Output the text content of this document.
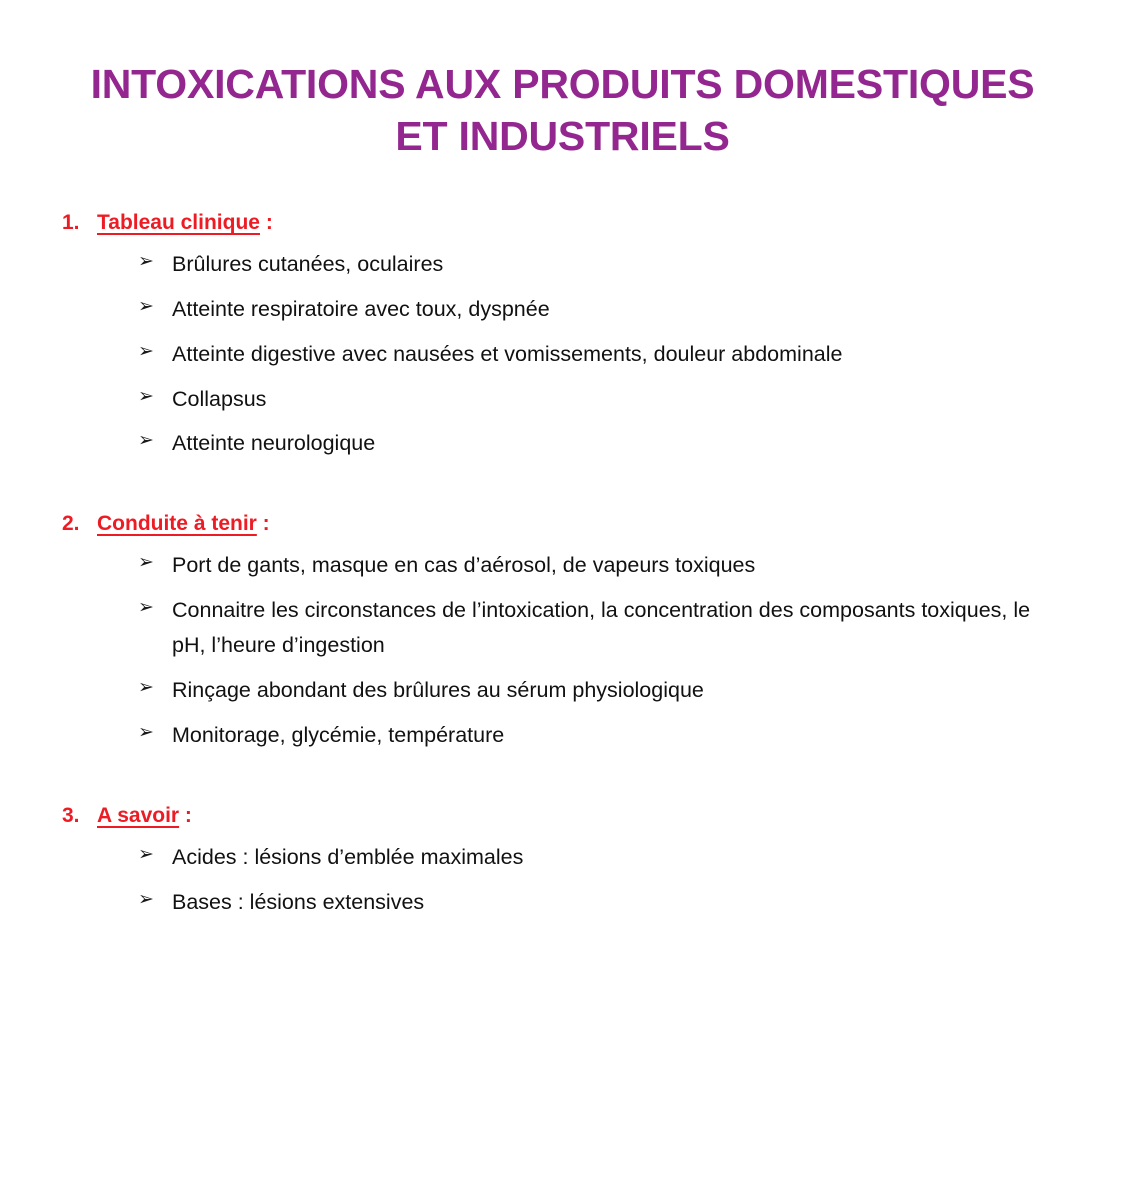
INTOXICATIONS AUX PRODUITS DOMESTIQUES
ET INDUSTRIELS
1. Tableau clinique :
➢ Brûlures cutanées, oculaires
➢ Atteinte respiratoire avec toux, dyspnée
➢ Atteinte digestive avec nausées et vomissements, douleur abdominale
➢ Collapsus
➢ Atteinte neurologique
2. Conduite à tenir :
➢ Port de gants, masque en cas d’aérosol, de vapeurs toxiques
➢ Connaitre les circonstances de l’intoxication, la concentration des composants toxiques, le pH, l’heure d’ingestion
➢ Rinçage abondant des brûlures au sérum physiologique
➢ Monitorage, glycémie, température
3. A savoir :
➢ Acides : lésions d’emblée maximales
➢ Bases : lésions extensives
